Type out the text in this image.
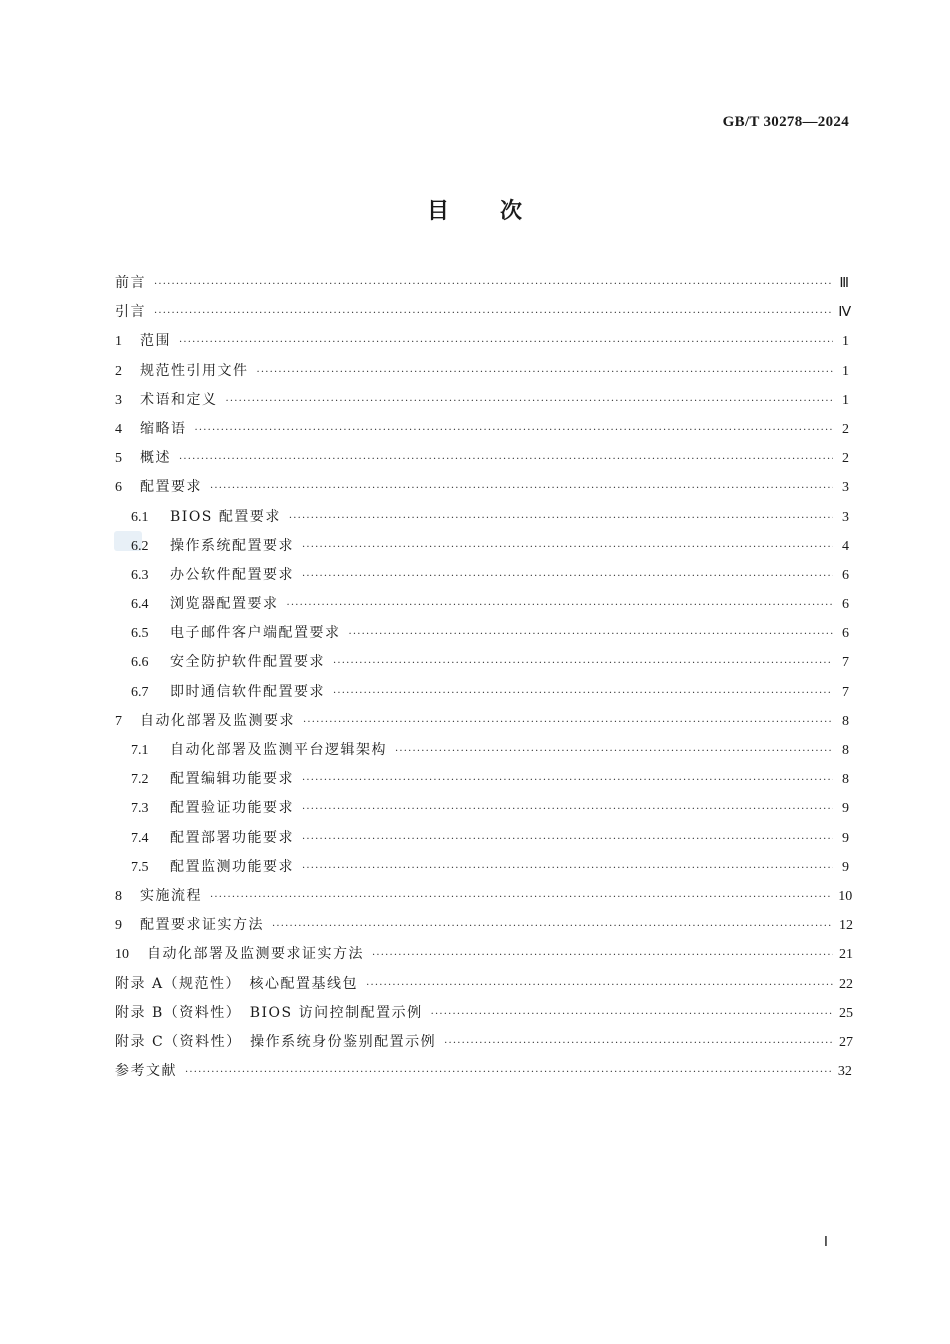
GB/T 30278—2024
目 次
前言 ·····	Ⅲ
引言 ·····	Ⅳ
1	范围 ·····	1
2	规范性引用文件 ·····	1
3	术语和定义 ·····	1
4	缩略语 ·····	2
5	概述 ·····	2
6	配置要求 ·····	3
6.1	BIOS 配置要求 ·····	3
6.2	操作系统配置要求 ·····	4
6.3	办公软件配置要求 ·····	6
6.4	浏览器配置要求 ·····	6
6.5	电子邮件客户端配置要求 ·····	6
6.6	安全防护软件配置要求 ·····	7
6.7	即时通信软件配置要求 ·····	7
7	自动化部署及监测要求 ·····	8
7.1	自动化部署及监测平台逻辑架构 ·····	8
7.2	配置编辑功能要求 ·····	8
7.3	配置验证功能要求 ·····	9
7.4	配置部署功能要求 ·····	9
7.5	配置监测功能要求 ·····	9
8	实施流程 ·····	10
9	配置要求证实方法 ·····	12
10	自动化部署及监测要求证实方法 ·····	21
附录 A（规范性）　核心配置基线包 ·····	22
附录 B（资料性）　BIOS 访问控制配置示例 ·····	25
附录 C（资料性）　操作系统身份鉴别配置示例 ·····	27
参考文献 ·····	32
Ⅰ
